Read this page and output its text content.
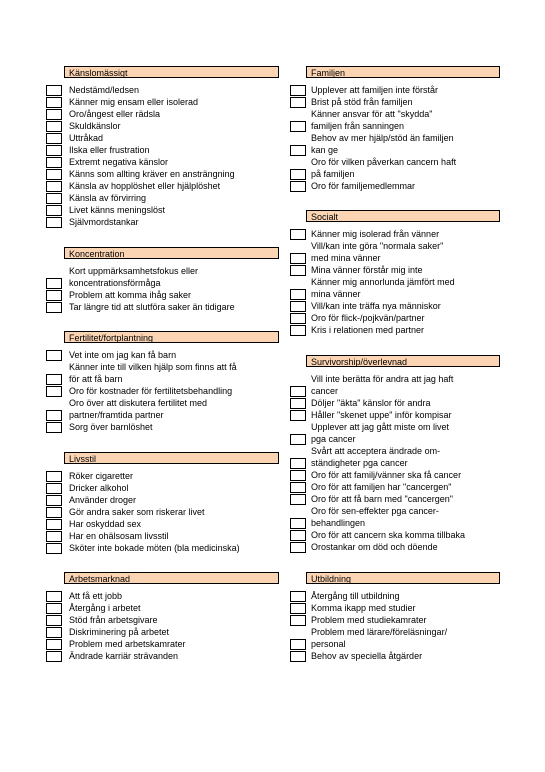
Känslomässigt
Nedstämd/ledsen
Känner mig ensam eller isolerad
Oro/ångest eller rädsla
Skuldkänslor
Uttråkad
Ilska eller frustration
Extremt negativa känslor
Känns som allting kräver en ansträngning
Känsla av hopplöshet eller hjälplöshet
Känsla av förvirring
Livet känns meningslöst
Självmordstankar
Koncentration
Kort uppmärksamhetsfokus eller
koncentrationsförmåga
Problem att komma ihåg saker
Tar längre tid att slutföra saker än tidigare
Fertilitet/fortplantning
Vet inte om jag kan få barn
Känner inte till vilken hjälp som finns att få
för att få barn
Oro för kostnader för fertilitetsbehandling
Oro över att diskutera fertilitet med
partner/framtida partner
Sorg över barnlöshet
Livsstil
Röker cigaretter
Dricker alkohol
Använder droger
Gör andra saker som riskerar livet
Har oskyddad sex
Har en ohälsosam livsstil
Sköter inte bokade möten (bla medicinska)
Arbetsmarknad
Att få ett jobb
Återgång i arbetet
Stöd från arbetsgivare
Diskriminering på arbetet
Problem med arbetskamrater
Ändrade karriär strävanden
Familjen
Upplever att familjen inte förstår
Brist på stöd från familjen
Känner ansvar för att "skydda"
familjen från sanningen
Behov av mer hjälp/stöd än familjen
kan ge
Oro för vilken påverkan cancern haft
på familjen
Oro för familjemedlemmar
Socialt
Känner mig isolerad från vänner
Vill/kan inte göra "normala saker"
med mina vänner
Mina vänner förstår mig inte
Känner mig annorlunda jämfört med
mina vänner
Vill/kan inte träffa nya människor
Oro för flick-/pojkvän/partner
Kris i relationen med partner
Survivorship/överlevnad
Vill inte berätta för andra att jag haft
cancer
Döljer "äkta" känslor för andra
Håller "skenet uppe" inför kompisar
Upplever att jag gått miste om livet
pga cancer
Svårt att acceptera ändrade om-
ständigheter pga cancer
Oro för att familj/vänner ska få cancer
Oro för att familjen har "cancergen"
Oro för att få barn med "cancergen"
Oro för sen-effekter pga cancer-
behandlingen
Oro för att cancern ska komma tillbaka
Orostankar om död och döende
Utbildning
Återgång till utbildning
Komma ikapp med studier
Problem med studiekamrater
Problem med lärare/föreläsningar/
personal
Behov av speciella åtgärder
